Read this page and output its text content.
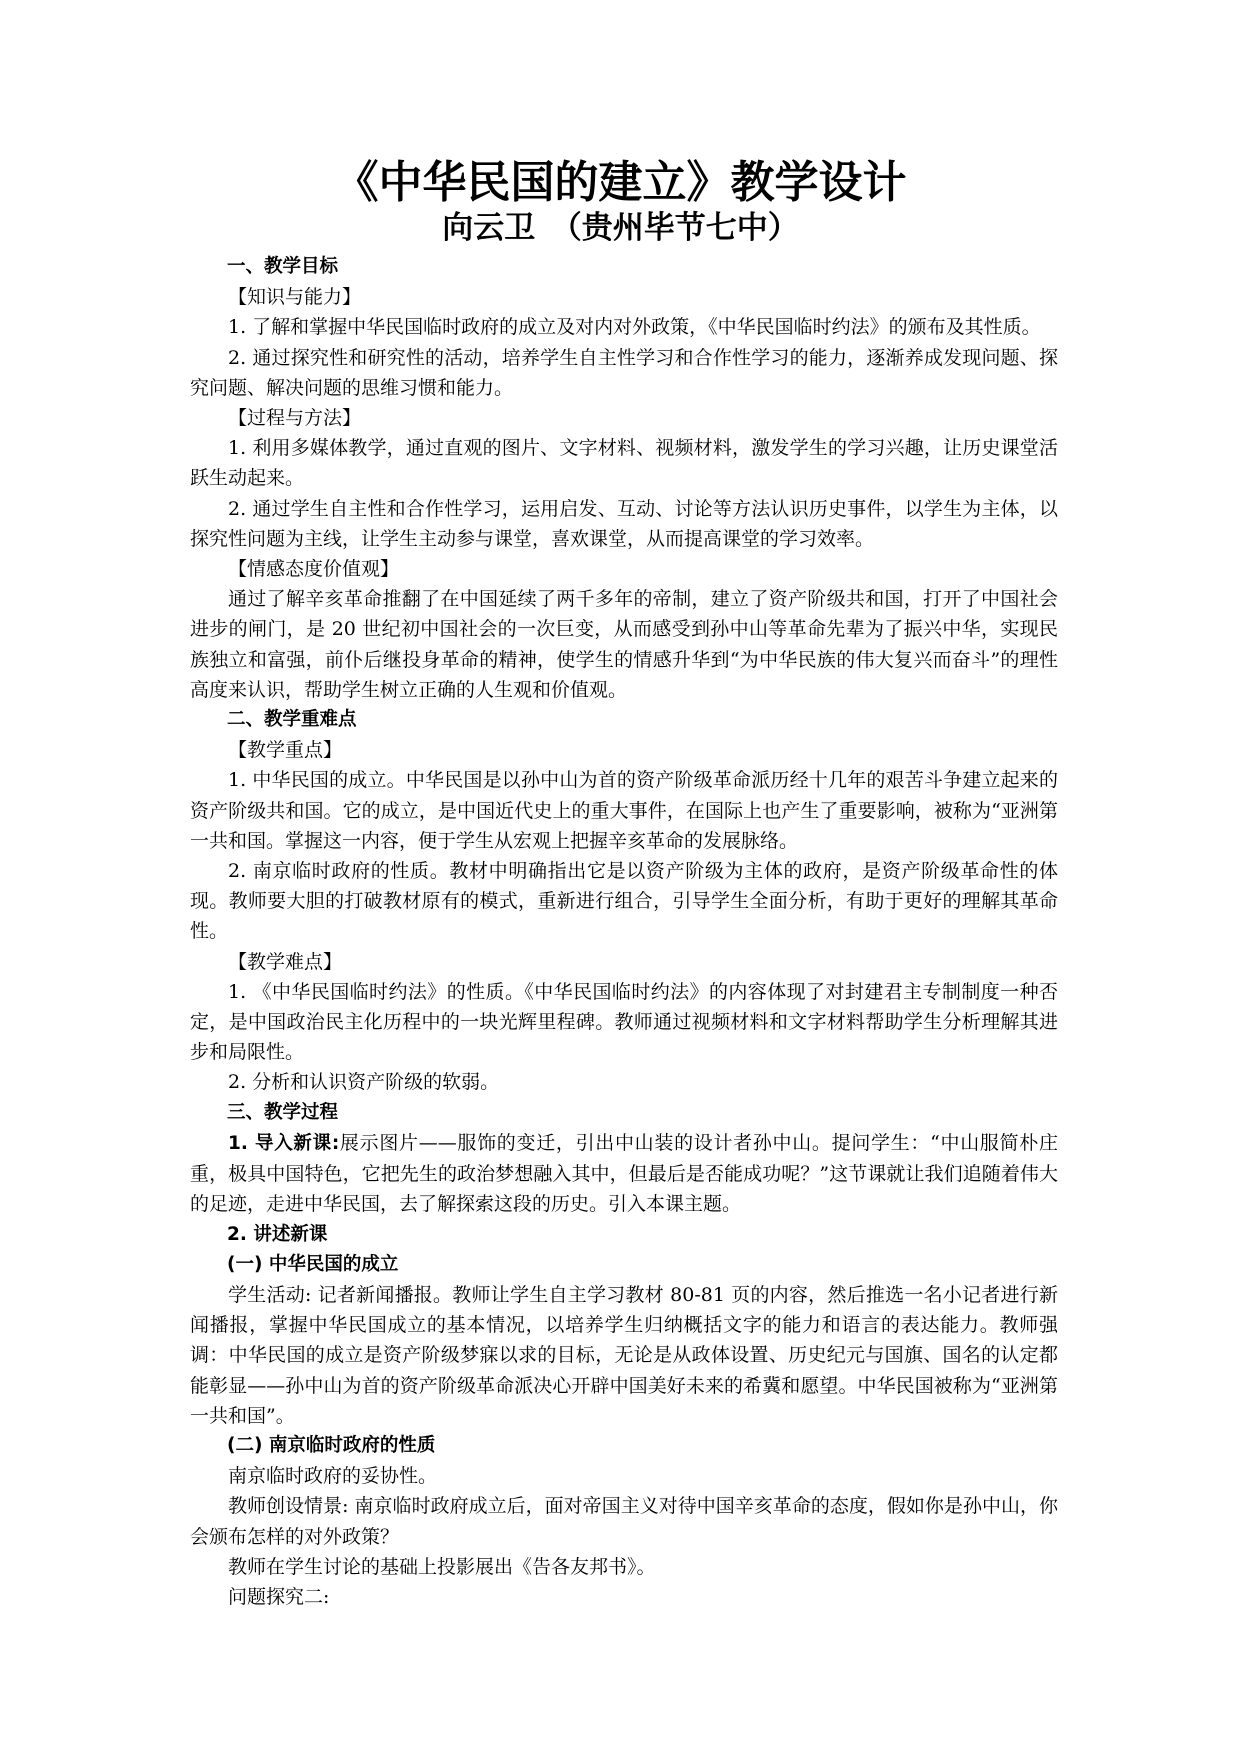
《中华民国的建立》教学设计
向云卫　（贵州毕节七中）

一、教学目标

【知识与能力】

1. 了解和掌握中华民国临时政府的成立及对内对外政策，《中华民国临时约法》的颁布及其性质。

2. 通过探究性和研究性的活动，培养学生自主性学习和合作性学习的能力，逐渐养成发现问题、探究问题、解决问题的思维习惯和能力。

【过程与方法】

1. 利用多媒体教学，通过直观的图片、文字材料、视频材料，激发学生的学习兴趣，让历史课堂活跃生动起来。

2. 通过学生自主性和合作性学习，运用启发、互动、讨论等方法认识历史事件，以学生为主体，以探究性问题为主线，让学生主动参与课堂，喜欢课堂，从而提高课堂的学习效率。

【情感态度价值观】

通过了解辛亥革命推翻了在中国延续了两千多年的帝制，建立了资产阶级共和国，打开了中国社会进步的闸门，是 20 世纪初中国社会的一次巨变，从而感受到孙中山等革命先辈为了振兴中华，实现民族独立和富强，前仆后继投身革命的精神，使学生的情感升华到“为中华民族的伟大复兴而奋斗”的理性高度来认识，帮助学生树立正确的人生观和价值观。

二、教学重难点

【教学重点】

1. 中华民国的成立。中华民国是以孙中山为首的资产阶级革命派历经十几年的艰苦斗争建立起来的资产阶级共和国。它的成立，是中国近代史上的重大事件，在国际上也产生了重要影响，被称为“亚洲第一共和国。掌握这一内容，便于学生从宏观上把握辛亥革命的发展脉络。

2. 南京临时政府的性质。教材中明确指出它是以资产阶级为主体的政府，是资产阶级革命性的体现。教师要大胆的打破教材原有的模式，重新进行组合，引导学生全面分析，有助于更好的理解其革命性。

【教学难点】

1. 《中华民国临时约法》的性质。《中华民国临时约法》的内容体现了对封建君主专制制度一种否定，是中国政治民主化历程中的一块光辉里程碑。教师通过视频材料和文字材料帮助学生分析理解其进步和局限性。

2. 分析和认识资产阶级的软弱。

三、教学过程

1. 导入新课:展示图片——服饰的变迁，引出中山装的设计者孙中山。提问学生：“中山服简朴庄重，极具中国特色，它把先生的政治梦想融入其中，但最后是否能成功呢？”这节课就让我们追随着伟大的足迹，走进中华民国，去了解探索这段的历史。引入本课主题。

2. 讲述新课

(一) 中华民国的成立

学生活动: 记者新闻播报。教师让学生自主学习教材 80-81 页的内容，然后推选一名小记者进行新闻播报，掌握中华民国成立的基本情况，以培养学生归纳概括文字的能力和语言的表达能力。教师强调：中华民国的成立是资产阶级梦寐以求的目标，无论是从政体设置、历史纪元与国旗、国名的认定都能彰显——孙中山为首的资产阶级革命派决心开辟中国美好未来的希冀和愿望。中华民国被称为“亚洲第一共和国”。

(二) 南京临时政府的性质

南京临时政府的妥协性。

教师创设情景: 南京临时政府成立后，面对帝国主义对待中国辛亥革命的态度，假如你是孙中山，你会颁布怎样的对外政策？

教师在学生讨论的基础上投影展出《告各友邦书》。

问题探究二:
